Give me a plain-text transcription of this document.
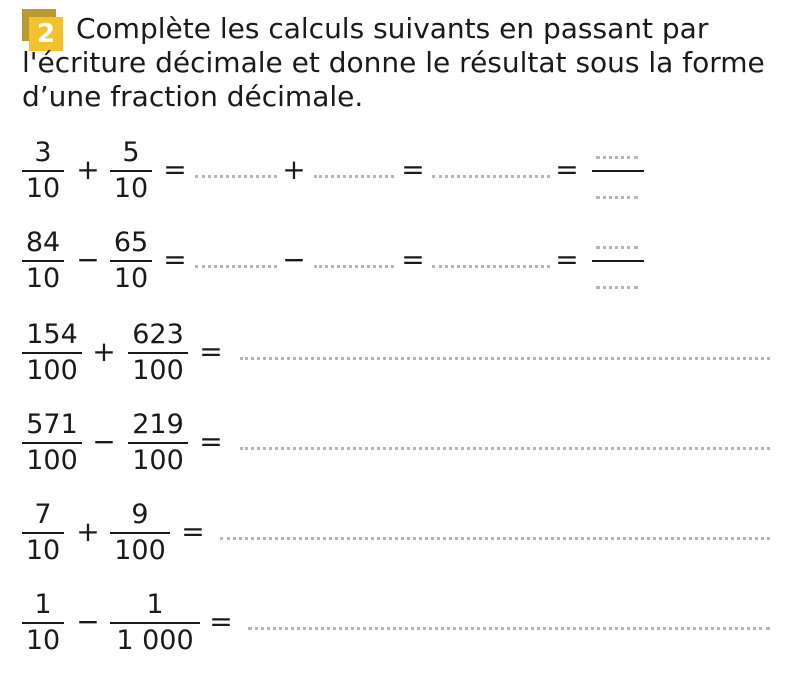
2 Complète les calculs suivants en passant par l'écriture décimale et donne le résultat sous la forme d’une fraction décimale.

3
10
+
5
10
=	+	=	=
84
10
−
65
10
=	−	=	=
154
100
+
623
100
=
571
100
−
219
100
=
7
10
+
9
100
=
1
10
−
1
1 000
=
